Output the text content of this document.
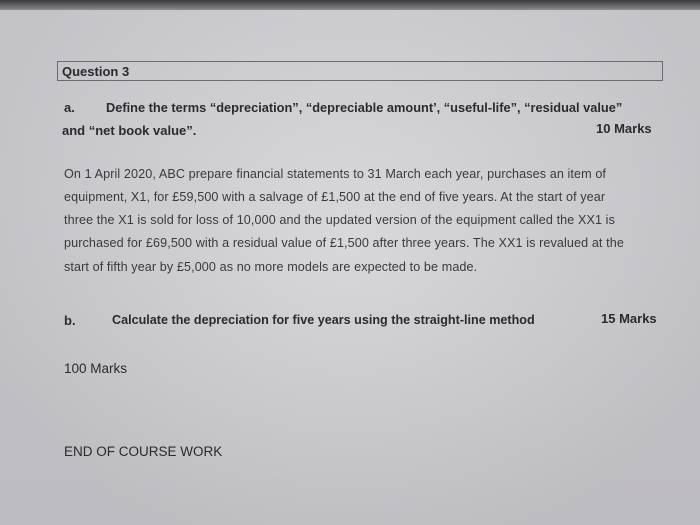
Question 3
a. Define the terms “depreciation”, “depreciable amount’, “useful-life”, “residual value”
and “net book value”.	10 Marks
On 1 April 2020, ABC prepare financial statements to 31 March each year, purchases an item of
equipment, X1, for £59,500 with a salvage of £1,500 at the end of five years. At the start of year
three the X1 is sold for loss of 10,000 and the updated version of the equipment called the XX1 is
purchased for £69,500 with a residual value of £1,500 after three years. The XX1 is revalued at the
start of fifth year by £5,000 as no more models are expected to be made.
b.	Calculate the depreciation for five years using the straight-line method	15 Marks
100 Marks
END OF COURSE WORK
